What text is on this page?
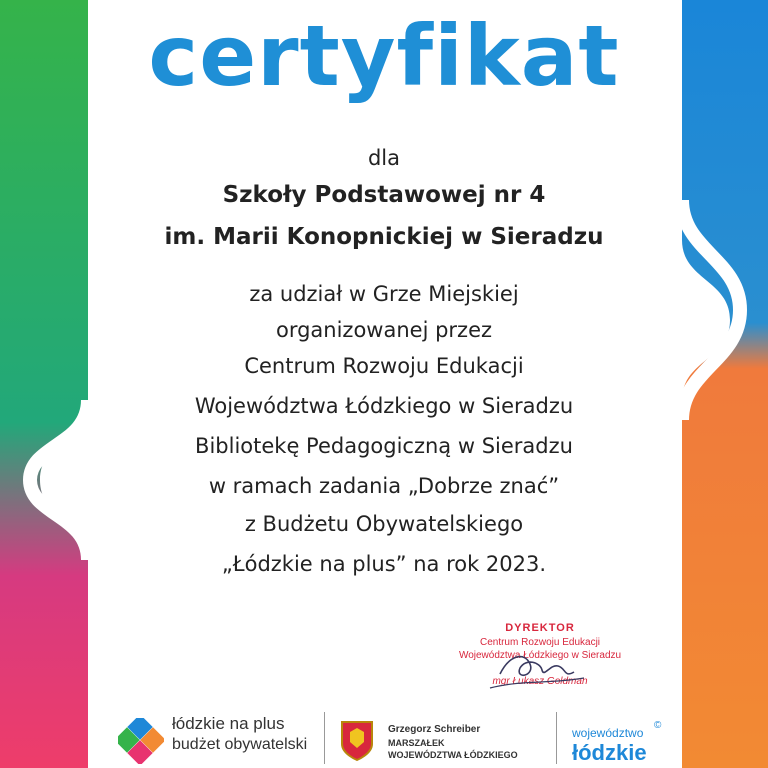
certyfikat
dla
Szkoły Podstawowej nr 4
im. Marii Konopnickiej w Sieradzu
za udział w Grze Miejskiej
organizowanej przez
Centrum Rozwoju Edukacji
Województwa Łódzkiego w Sieradzu
Bibliotekę Pedagogiczną w Sieradzu
w ramach zadania „Dobrze znać”
z Budżetu Obywatelskiego
„Łódzkie na plus” na rok 2023.
DYREKTOR
Centrum Rozwoju Edukacji
Województwa Łódzkiego w Sieradzu
mgr Łukasz Goldman
łódzkie na plus
budżet obywatelski
Grzegorz Schreiber
MARSZAŁEK
WOJEWÓDZTWA ŁÓDZKIEGO
województwo
łódzkie
©
